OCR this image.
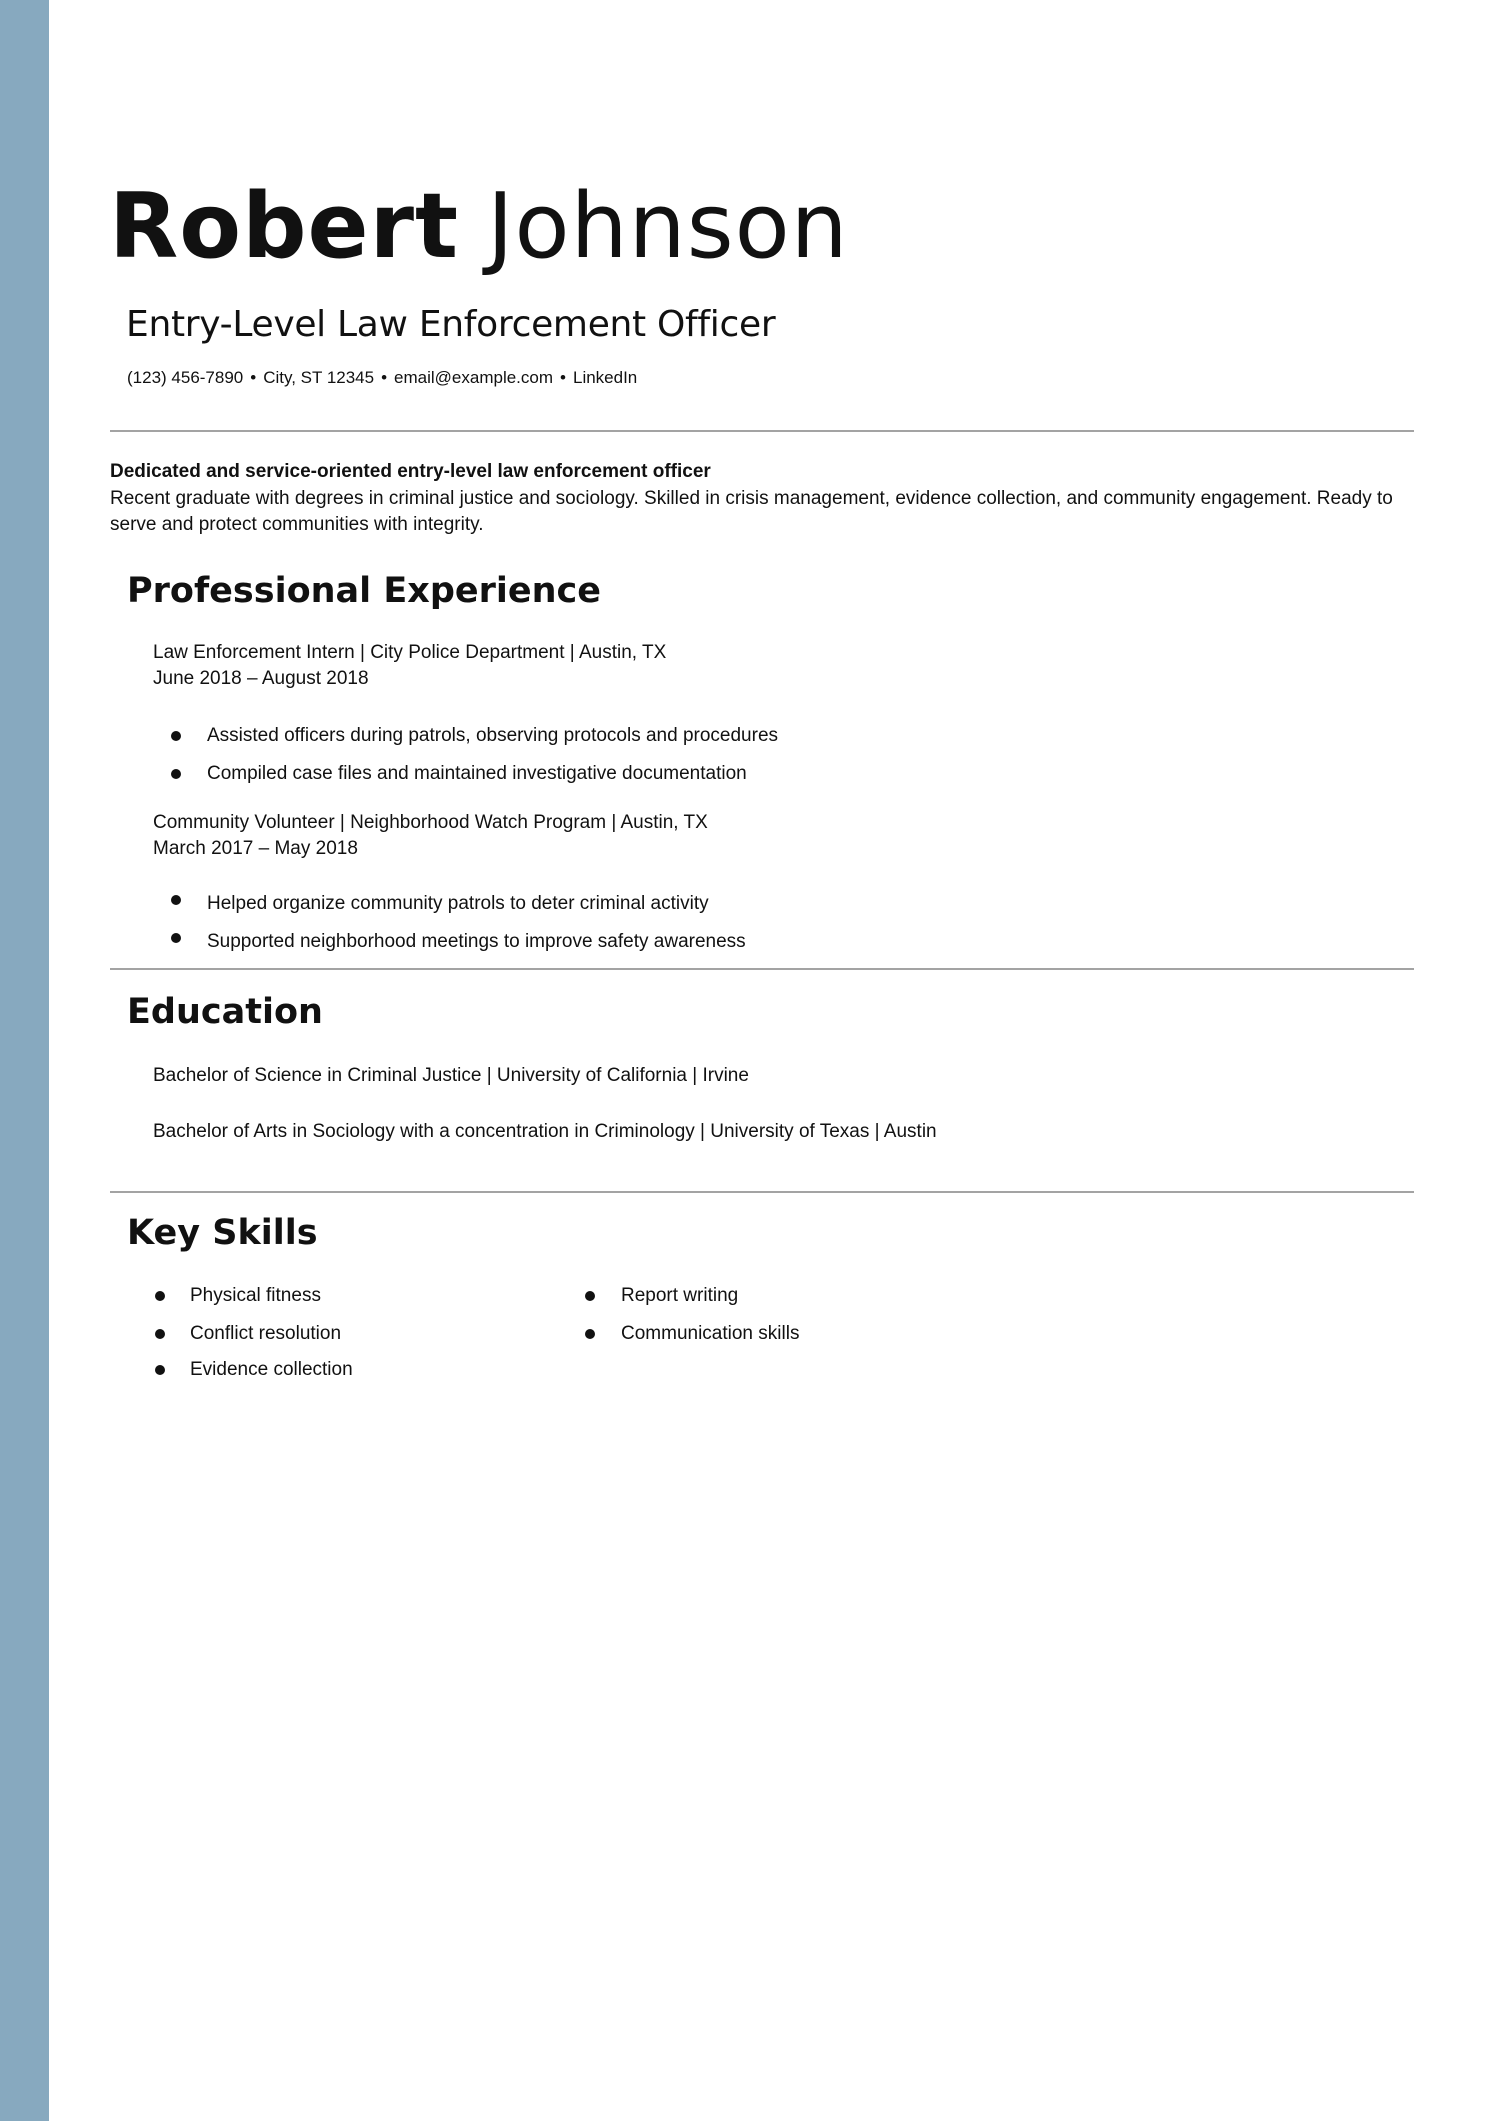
Robert Johnson
Entry-Level Law Enforcement Officer
(123) 456-7890 • City, ST 12345 • email@example.com • LinkedIn
Dedicated and service-oriented entry-level law enforcement officer
Recent graduate with degrees in criminal justice and sociology. Skilled in crisis management, evidence collection, and community engagement. Ready to serve and protect communities with integrity.
Professional Experience
Law Enforcement Intern | City Police Department | Austin, TX
June 2018 – August 2018
Assisted officers during patrols, observing protocols and procedures
Compiled case files and maintained investigative documentation
Community Volunteer | Neighborhood Watch Program | Austin, TX
March 2017 – May 2018
Helped organize community patrols to deter criminal activity
Supported neighborhood meetings to improve safety awareness
Education
Bachelor of Science in Criminal Justice | University of California | Irvine
Bachelor of Arts in Sociology with a concentration in Criminology | University of Texas | Austin
Key Skills
Physical fitness
Conflict resolution
Evidence collection
Report writing
Communication skills
